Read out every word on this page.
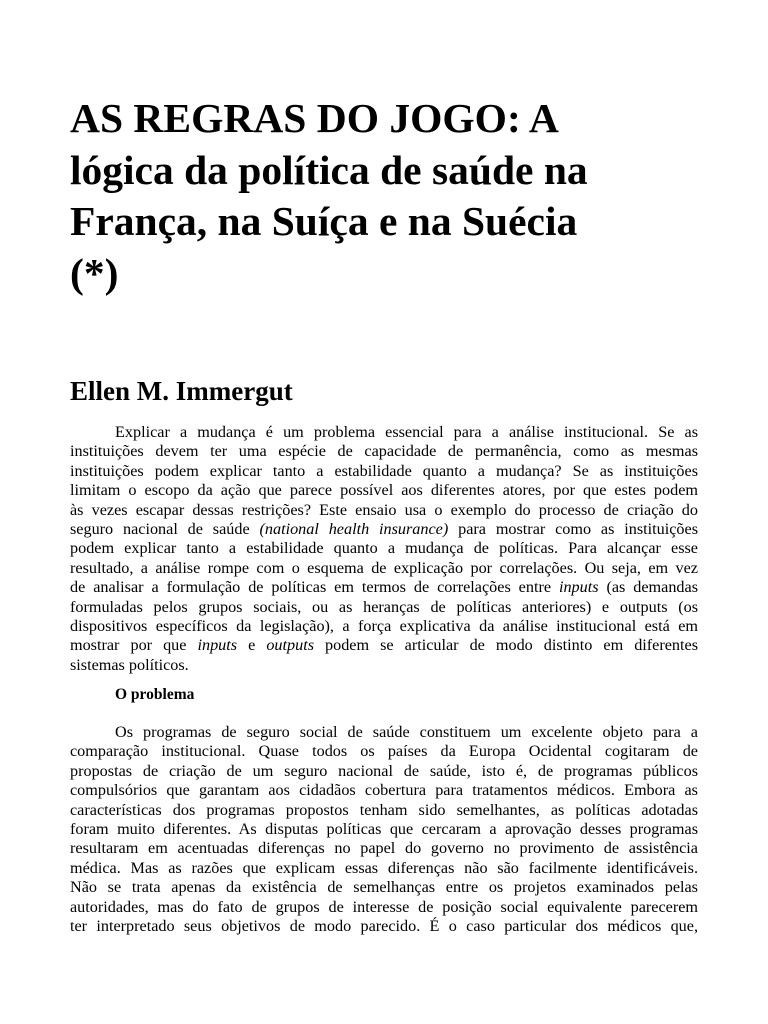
AS REGRAS DO JOGO: A
lógica da política de saúde na
França, na Suíça e na Suécia
(*)
Ellen M. Immergut

Explicar a mudança é um problema essencial para a análise institucional. Se as
instituições devem ter uma espécie de capacidade de permanência, como as mesmas
instituições podem explicar tanto a estabilidade quanto a mudança? Se as instituições
limitam o escopo da ação que parece possível aos diferentes atores, por que estes podem
às vezes escapar dessas restrições? Este ensaio usa o exemplo do processo de criação do
seguro nacional de saúde (national health insurance) para mostrar como as instituições
podem explicar tanto a estabilidade quanto a mudança de políticas. Para alcançar esse
resultado, a análise rompe com o esquema de explicação por correlações. Ou seja, em vez
de analisar a formulação de políticas em termos de correlações entre inputs (as demandas
formuladas pelos grupos sociais, ou as heranças de políticas anteriores) e outputs (os
dispositivos específicos da legislação), a força explicativa da análise institucional está em
mostrar por que inputs e outputs podem se articular de modo distinto em diferentes
sistemas políticos.

O problema

Os programas de seguro social de saúde constituem um excelente objeto para a
comparação institucional. Quase todos os países da Europa Ocidental cogitaram de
propostas de criação de um seguro nacional de saúde, isto é, de programas públicos
compulsórios que garantam aos cidadãos cobertura para tratamentos médicos. Embora as
características dos programas propostos tenham sido semelhantes, as políticas adotadas
foram muito diferentes. As disputas políticas que cercaram a aprovação desses programas
resultaram em acentuadas diferenças no papel do governo no provimento de assistência
médica. Mas as razões que explicam essas diferenças não são facilmente identificáveis.
Não se trata apenas da existência de semelhanças entre os projetos examinados pelas
autoridades, mas do fato de grupos de interesse de posição social equivalente parecerem
ter interpretado seus objetivos de modo parecido. É o caso particular dos médicos que,
